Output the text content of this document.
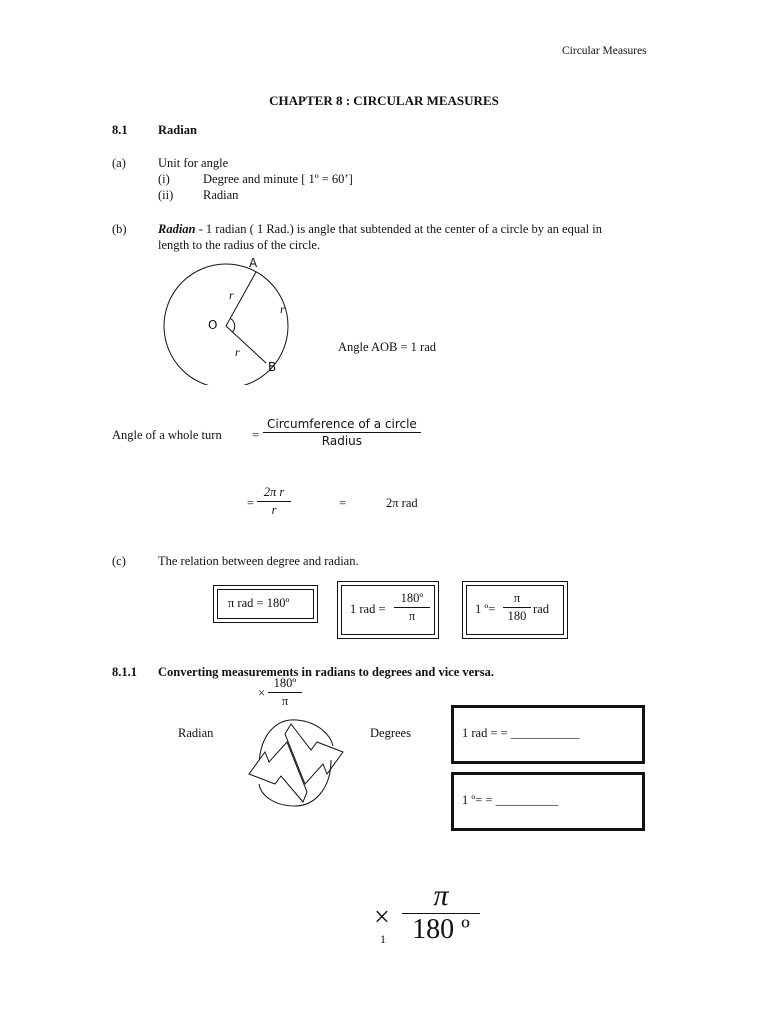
Circular Measures
CHAPTER 8 : CIRCULAR MEASURES
8.1 Radian
(a)	Unit for angle
(i)	Degree and minute [ 1º = 60’]
(ii) Radian
(b)	Radian - 1 radian ( 1 Rad.) is angle that subtended at the center of a circle by an equal in
length to the radius of the circle.
A
O
B
r
r
r	Angle AOB = 1 rad
Angle of a whole turn =
Circumference of a circle
Radius
= $\frac{\text{2π r}}{r}$	=	2π rad
(c)	The relation between degree and radian.
π rad = 180º	1 rad = $\frac{\text{180º}}{\pi}$	1 º= $\frac{\pi}{180}$ rad
8.1.1 Converting measurements in radians to degrees and vice versa.
× $\frac{\text{180º}}{\pi}$
Radian	Degrees	1 rad = = ___________
1 º= = __________
× $\frac{\pi}{\text{180 º}}$
1
